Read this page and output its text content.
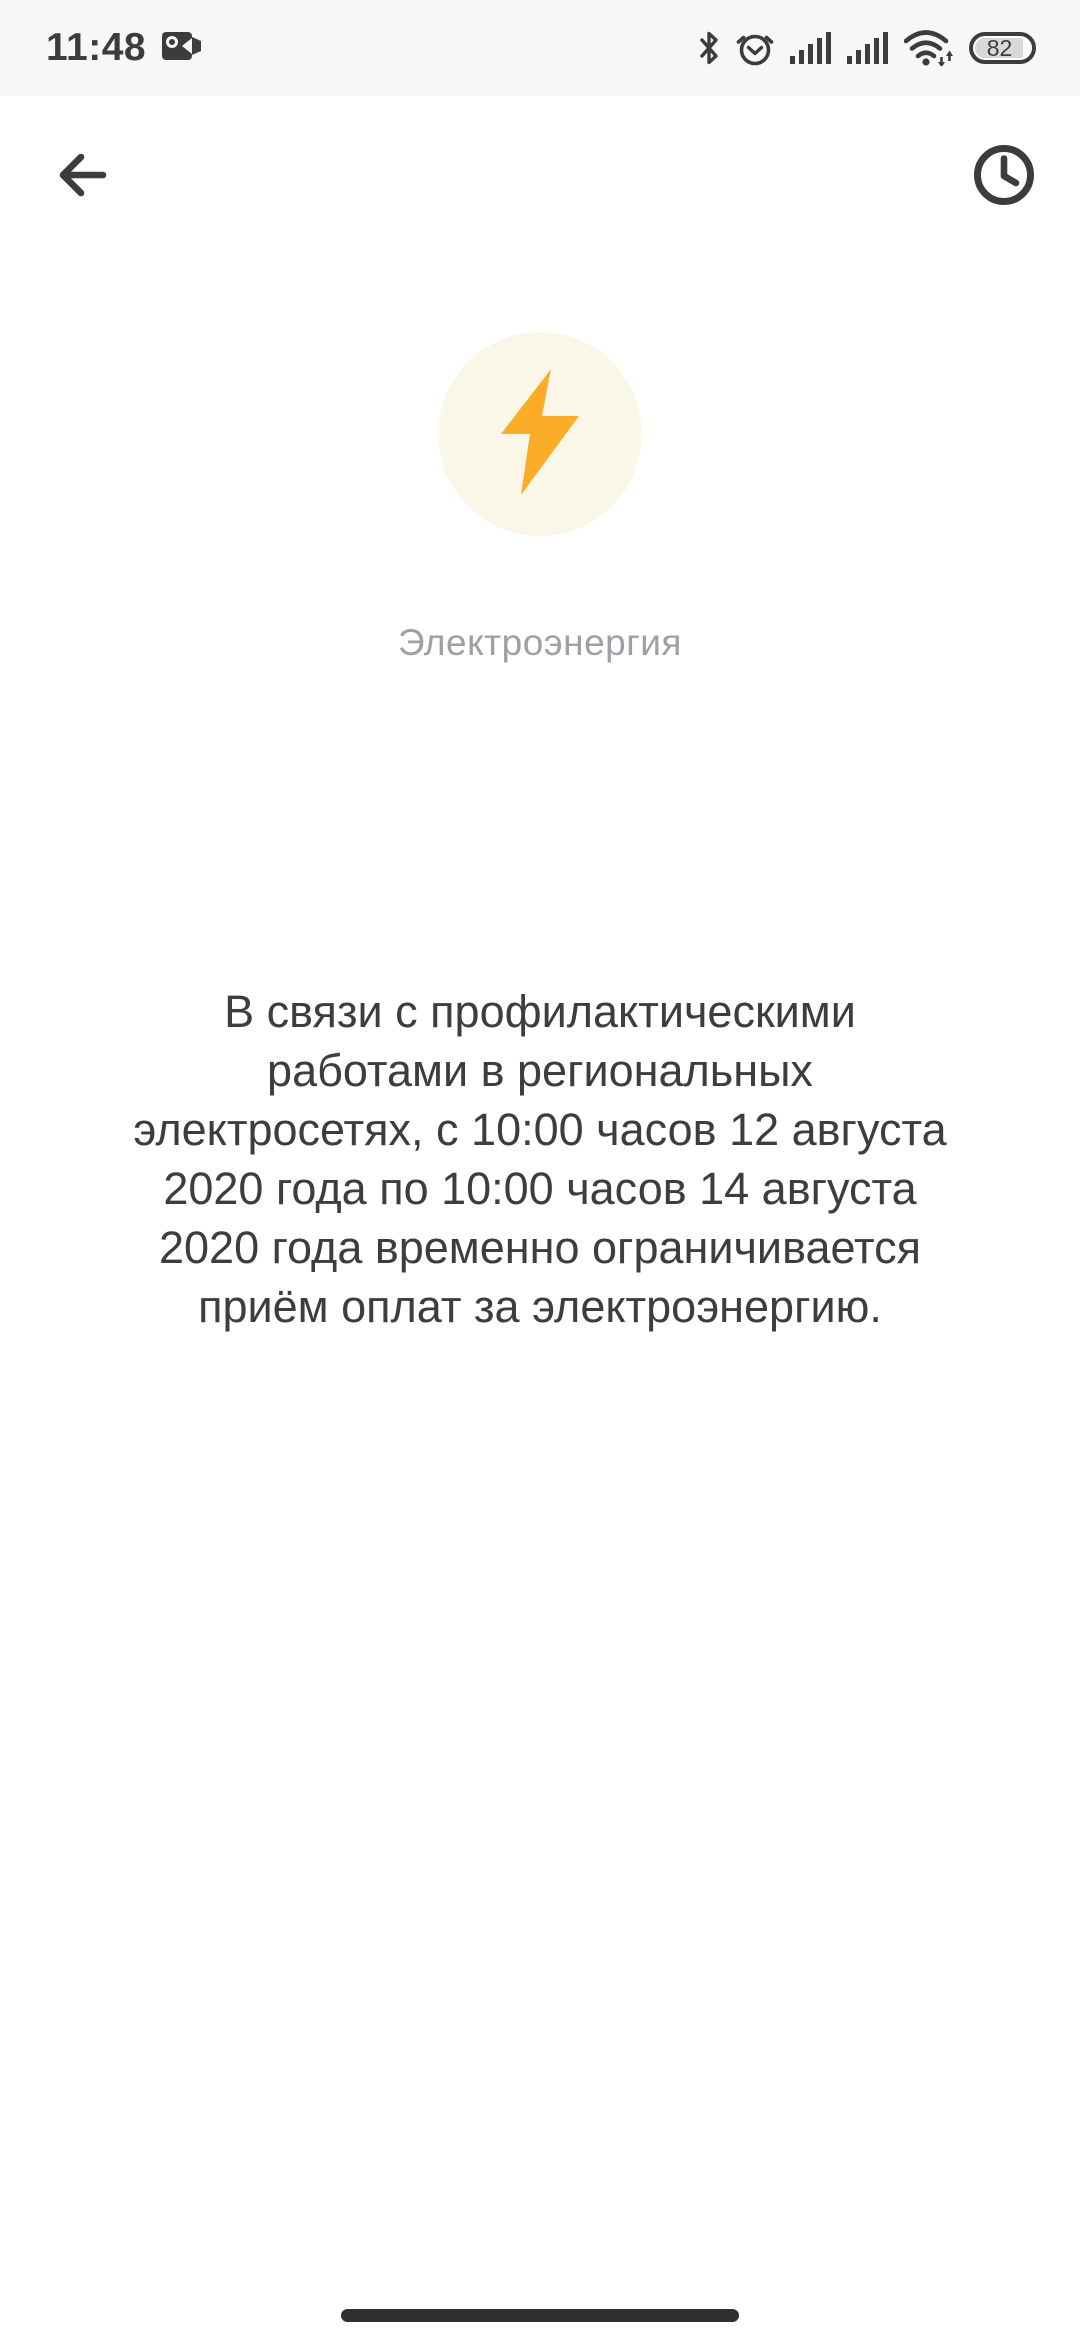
11:48	82
Электроэнергия
В связи с профилактическими
работами в региональных
электросетях, с 10:00 часов 12 августа
2020 года по 10:00 часов 14 августа
2020 года временно ограничивается
приём оплат за электроэнергию.
